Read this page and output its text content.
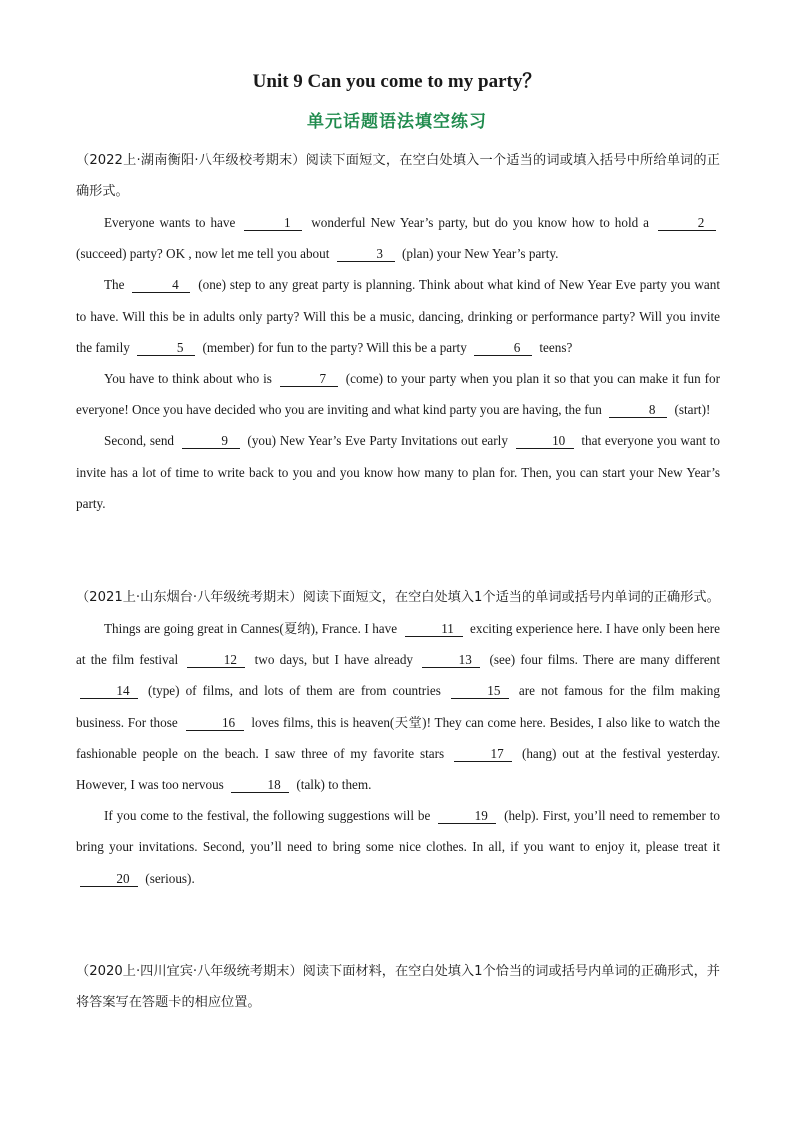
Unit 9 Can you come to my party？
单元话题语法填空练习
（2022上·湖南衡阳·八年级校考期末）阅读下面短文，在空白处填入一个适当的词或填入括号中所给单词的正确形式。

Everyone wants to have	1 wonderful New Year’s party, but do you know how to hold a	2 (succeed) party? OK , now let me tell you about	3 (plan) your New Year’s party.

The	4 (one) step to any great party is planning. Think about what kind of New Year Eve party you want to have. Will this be in adults only party? Will this be a music, dancing, drinking or performance party? Will you invite the family	5 (member) for fun to the party? Will this be a party	6 teens?

You have to think about who is	7 (come) to your party when you plan it so that you can make it fun for everyone! Once you have decided who you are inviting and what kind party you are having, the fun	8 (start)!

Second, send	9 (you) New Year’s Eve Party Invitations out early	10 that everyone you want to invite has a lot of time to write back to you and you know how many to plan for. Then, you can start your New Year’s party.

（2021上·山东烟台·八年级统考期末）阅读下面短文，在空白处填入1个适当的单词或括号内单词的正确形式。

Things are going great in Cannes(夏纳), France. I have	11 exciting experience here. I have only been here at the film festival	12 two days, but I have already	13 (see) four films. There are many different 14 (type) of films, and lots of them are from countries	15 are not famous for the film making business. For those	16 loves films, this is heaven(天堂)! They can come here. Besides, I also like to watch the fashionable people on the beach. I saw three of my favorite stars	17 (hang) out at the festival yesterday. However, I was too nervous	18 (talk) to them.

If you come to the festival, the following suggestions will be	19 (help). First, you’ll need to remember to bring your invitations. Second, you’ll need to bring some nice clothes. In all, if you want to enjoy it, please treat it 20 (serious).

（2020上·四川宜宾·八年级统考期末）阅读下面材料，在空白处填入1个恰当的词或括号内单词的正确形式，并将答案写在答题卡的相应位置。
